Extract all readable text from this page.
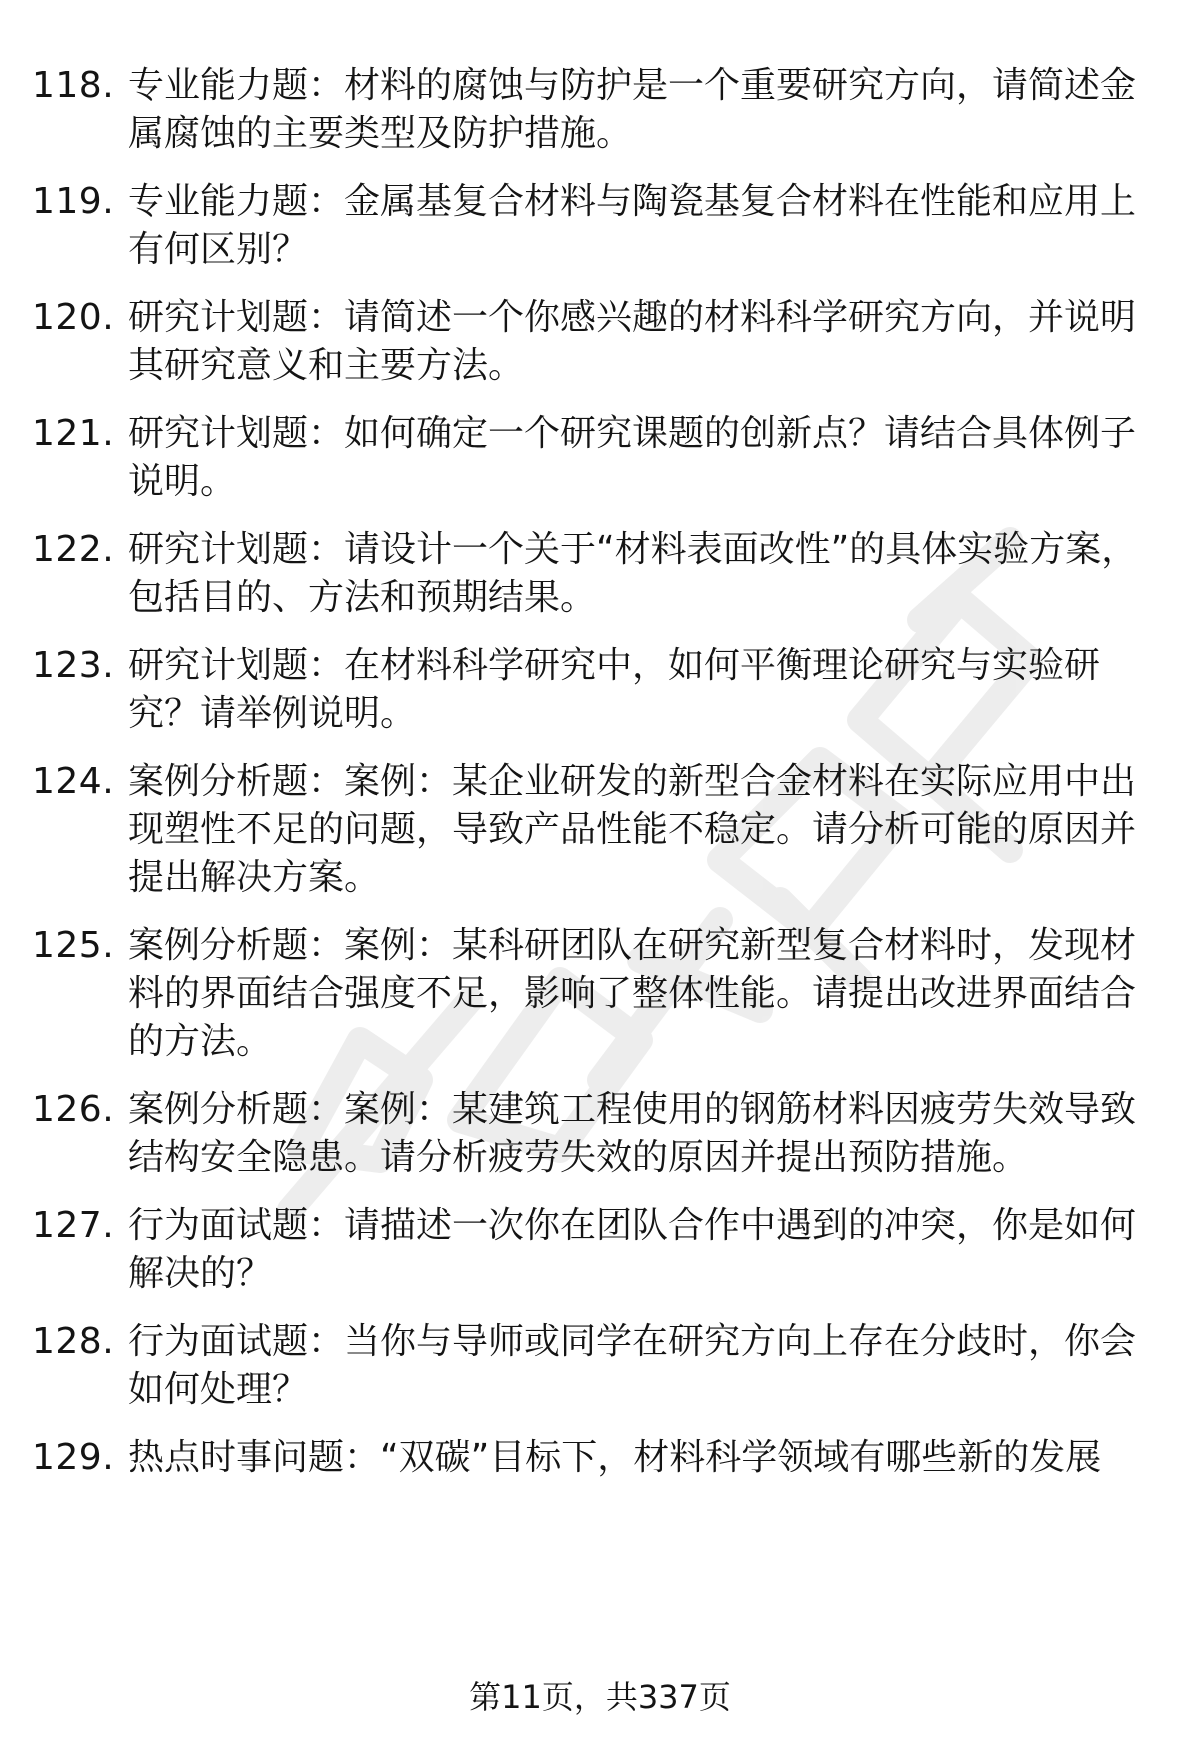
118. 专业能力题：材料的腐蚀与防护是一个重要研究方向，请简述金属腐蚀的主要类型及防护措施。
119. 专业能力题：金属基复合材料与陶瓷基复合材料在性能和应用上有何区别？
120. 研究计划题：请简述一个你感兴趣的材料科学研究方向，并说明其研究意义和主要方法。
121. 研究计划题：如何确定一个研究课题的创新点？请结合具体例子说明。
122. 研究计划题：请设计一个关于“材料表面改性”的具体实验方案，包括目的、方法和预期结果。
123. 研究计划题：在材料科学研究中，如何平衡理论研究与实验研究？请举例说明。
124. 案例分析题：案例：某企业研发的新型合金材料在实际应用中出现塑性不足的问题，导致产品性能不稳定。请分析可能的原因并提出解决方案。
125. 案例分析题：案例：某科研团队在研究新型复合材料时，发现材料的界面结合强度不足，影响了整体性能。请提出改进界面结合的方法。
126. 案例分析题：案例：某建筑工程使用的钢筋材料因疲劳失效导致结构安全隐患。请分析疲劳失效的原因并提出预防措施。
127. 行为面试题：请描述一次你在团队合作中遇到的冲突，你是如何解决的？
128. 行为面试题：当你与导师或同学在研究方向上存在分歧时，你会如何处理？
129. 热点时事问题：“双碳”目标下，材料科学领域有哪些新的发展
第11页，共337页
